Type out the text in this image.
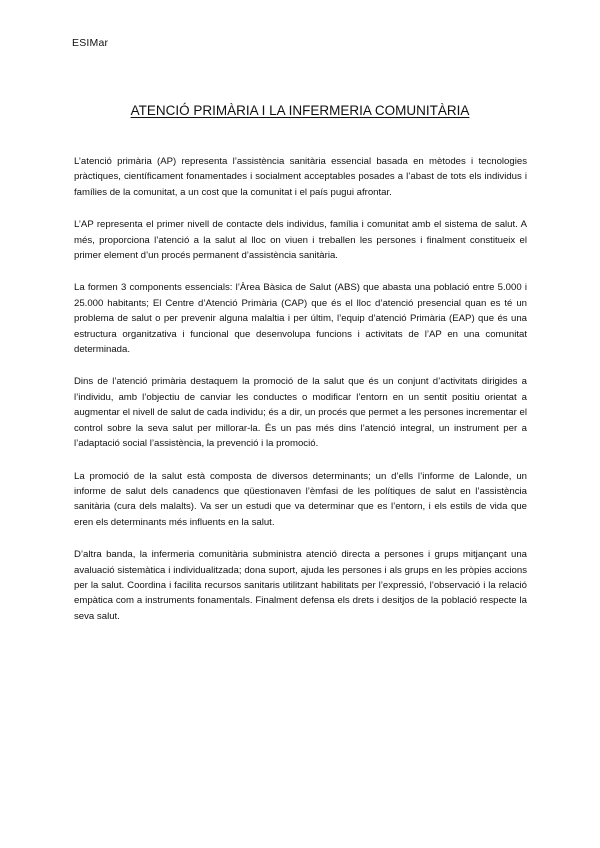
ESIMar
ATENCIÓ PRIMÀRIA I LA INFERMERIA COMUNITÀRIA

L’atenció primària (AP) representa l’assistència sanitària essencial basada en mètodes i tecnologies pràctiques, científicament fonamentades i socialment acceptables posades a l’abast de tots els individus i famílies de la comunitat, a un cost que la comunitat i el país pugui afrontar.

L’AP representa el primer nivell de contacte dels individus, família i comunitat amb el sistema de salut. A més, proporciona l’atenció a la salut al lloc on viuen i treballen les persones i finalment constitueix el primer element d’un procés permanent d’assistència sanitària.

La formen 3 components essencials: l’Àrea Bàsica de Salut (ABS) que abasta una població entre 5.000 i 25.000 habitants; El Centre d’Atenció Primària (CAP) que és el lloc d’atenció presencial quan es té un problema de salut o per prevenir alguna malaltia i per últim, l’equip d’atenció Primària (EAP) que és una estructura organitzativa i funcional que desenvolupa funcions i activitats de l’AP en una comunitat determinada.

Dins de l’atenció primària destaquem la promoció de la salut que és un conjunt d’activitats dirigides a l’individu, amb l’objectiu de canviar les conductes o modificar l’entorn en un sentit positiu orientat a augmentar el nivell de salut de cada individu; és a dir, un procés que permet a les persones incrementar el control sobre la seva salut per millorar-la. És un pas més dins l’atenció integral, un instrument per a l’adaptació social l’assistència, la prevenció i la promoció.

La promoció de la salut està composta de diversos determinants; un d’ells l’informe de Lalonde, un informe de salut dels canadencs que qüestionaven l’èmfasi de les polítiques de salut en l’assistència sanitària (cura dels malalts). Va ser un estudi que va determinar que es l’entorn, i els estils de vida que eren els determinants més influents en la salut.

D’altra banda, la infermeria comunitària subministra atenció directa a persones i grups mitjançant una avaluació sistemàtica i individualitzada; dona suport, ajuda les persones i als grups en les pròpies accions per la salut. Coordina i facilita recursos sanitaris utilitzant habilitats per l’expressió, l’observació i la relació empàtica com a instruments fonamentals. Finalment defensa els drets i desitjos de la població respecte la seva salut.
